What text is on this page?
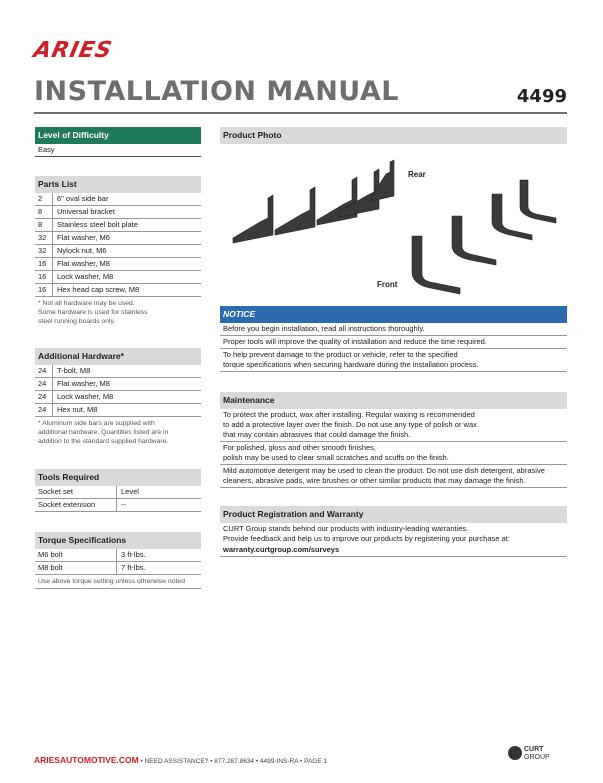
ARIES
INSTALLATION MANUAL	4499
Level of Difficulty
Easy
Parts List
2	6" oval side bar
8	Universal bracket
8	Stainless steel bolt plate
32	Flat washer, M6
32	Nylock nut, M6
16	Flat washer, M8
16	Lock washer, M8
16	Hex head cap screw, M8
* Not all hardware may be used.
Some hardware is used for stainless
steel running boards only.
Additional Hardware*
24	T-bolt, M8
24	Flat washer, M8
24	Lock washer, M8
24	Hex nut, M8
* Aluminum side bars are supplied with
additional hardware. Quantities listed are in
addition to the standard supplied hardware.
Tools Required
Socket set	Level
Socket extension	--
Torque Specifications
M6 bolt	3 ft-lbs.
M8 bolt	7 ft-lbs.
Use above torque setting unless otherwise noted
Product Photo
Rear
Front
NOTICE
Before you begin installation, read all instructions thoroughly.
Proper tools will improve the quality of installation and reduce the time required.
To help prevent damage to the product or vehicle, refer to the specified
torque specifications when securing hardware during the installation process.
Maintenance
To protect the product, wax after installing. Regular waxing is recommended
to add a protective layer over the finish. Do not use any type of polish or wax
that may contain abrasives that could damage the finish.
For polished, gloss and other smooth finishes,
polish may be used to clear small scratches and scuffs on the finish.
Mild automotive detergent may be used to clean the product. Do not use dish detergent, abrasive
cleaners, abrasive pads, wire brushes or other similar products that may damage the finish.
Product Registration and Warranty
CURT Group stands behind our products with industry-leading warranties.
Provide feedback and help us to improve our products by registering your purchase at:
warranty.curtgroup.com/surveys
ARIESAUTOMOTIVE.COM • NEED ASSISTANCE? • 877.287.8634 • 4499-INS-RA • PAGE 1
CURT
GROUP
